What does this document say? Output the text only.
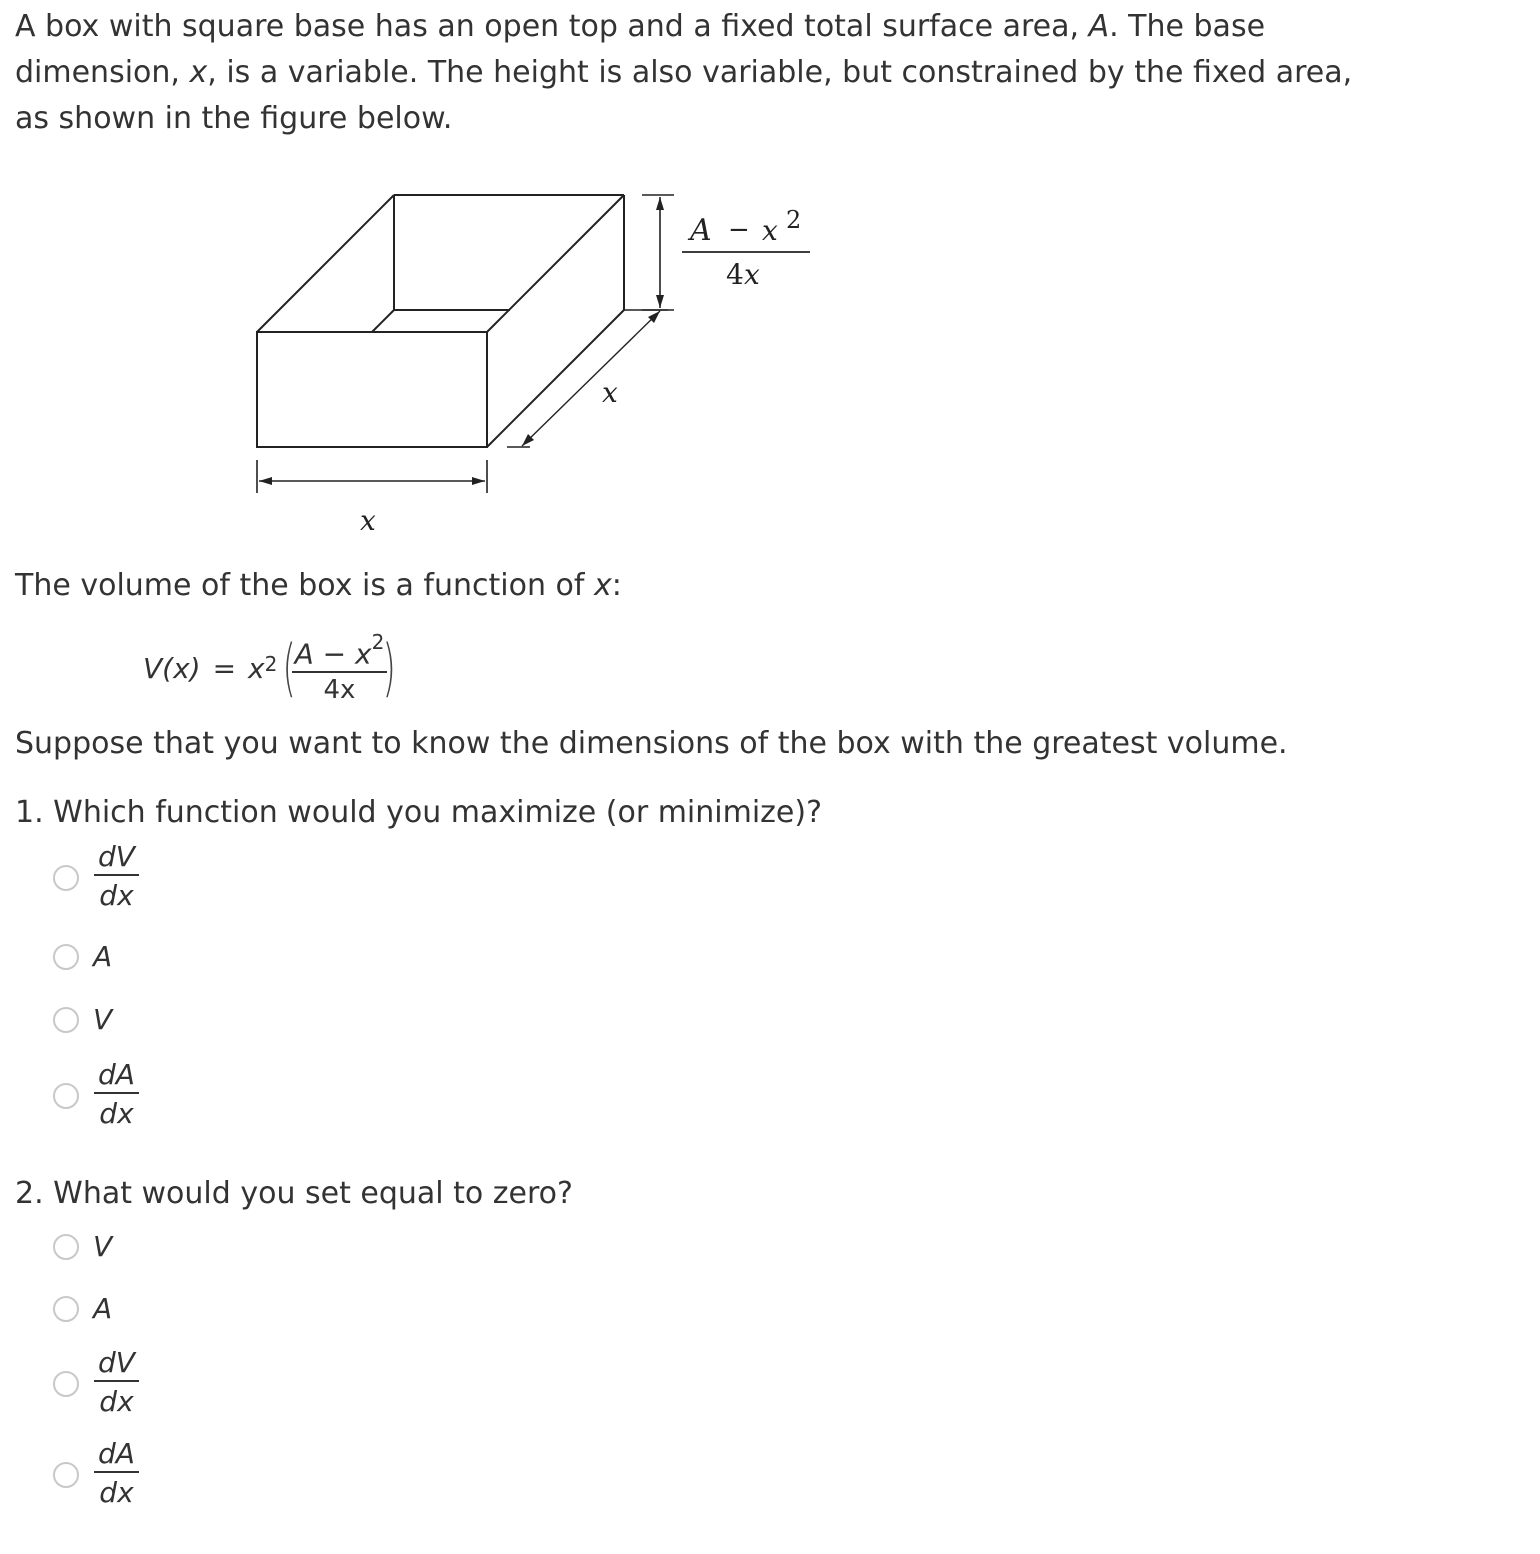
A box with square base has an open top and a fixed total surface area, A. The base dimension, x, is a variable. The height is also variable, but constrained by the fixed area, as shown in the figure below.
A − x 2
4 x
x
x
The volume of the box is a function of x:
V(x) = x 2 (
$\frac{A - x^2}{4x}$
)
Suppose that you want to know the dimensions of the box with the greatest volume.
1. Which function would you maximize (or minimize)?
$\frac{dV}{dx}$
A
V
$\frac{dA}{dx}$
2. What would you set equal to zero?
V
A
$\frac{dV}{dx}$
$\frac{dA}{dx}$
